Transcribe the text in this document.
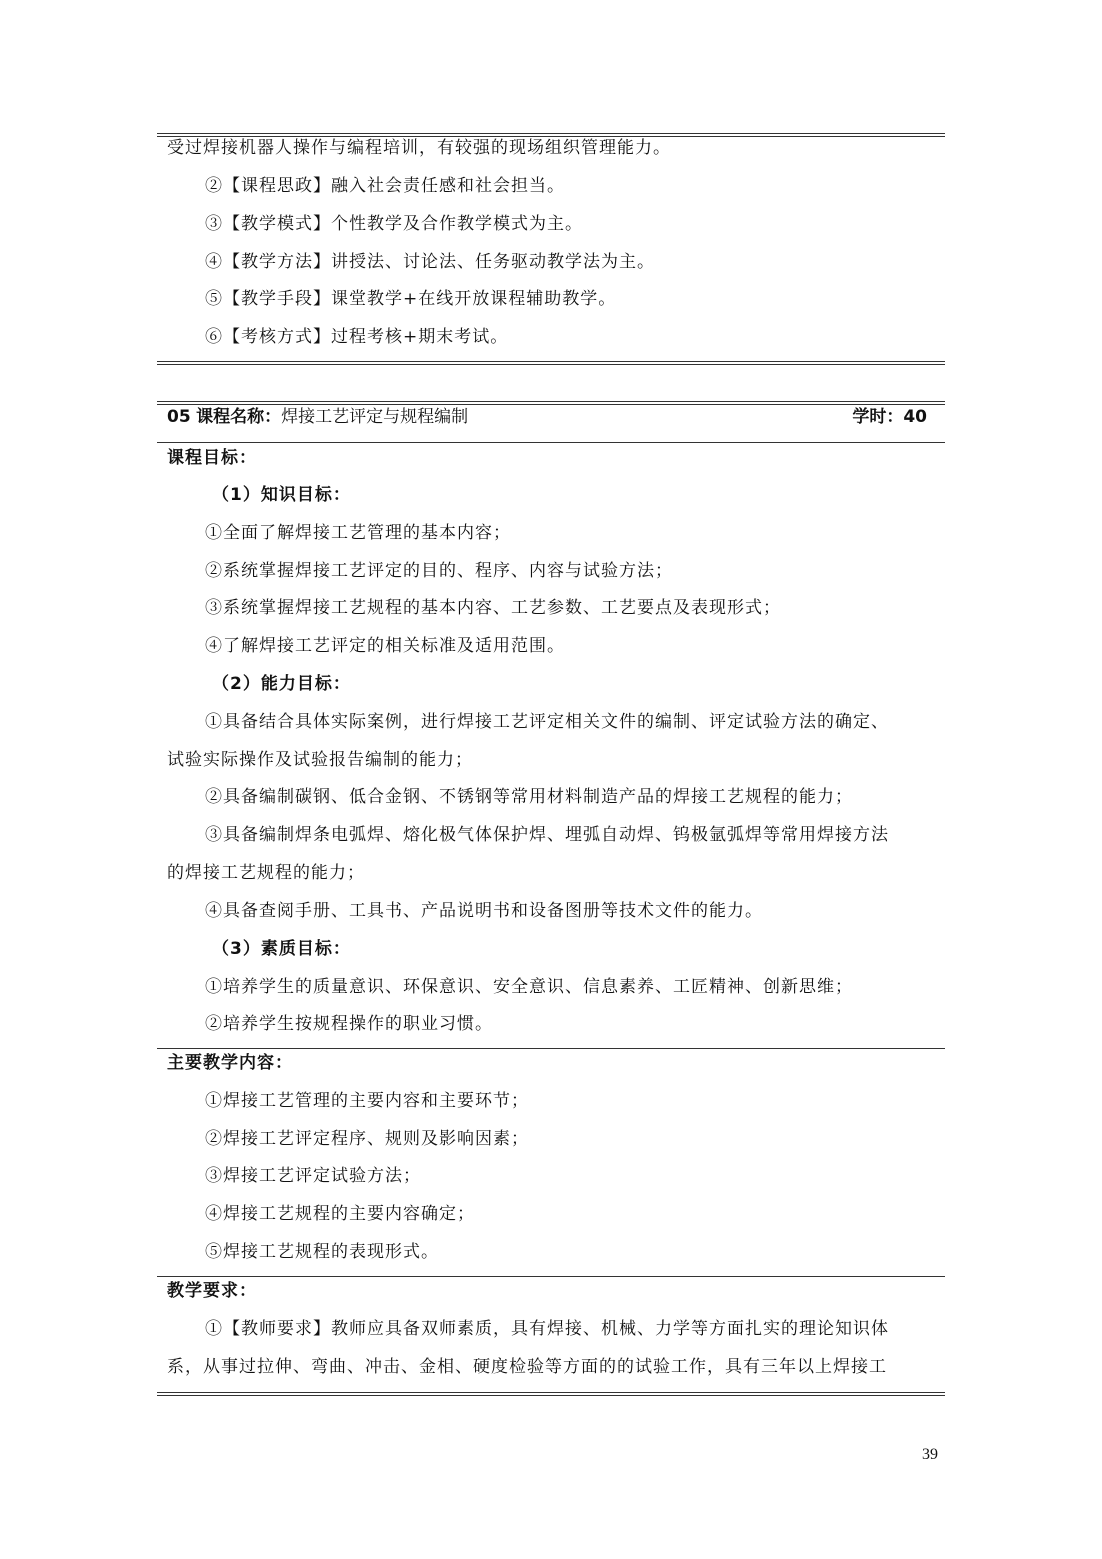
受过焊接机器人操作与编程培训，有较强的现场组织管理能力。
②【课程思政】融入社会责任感和社会担当。
③【教学模式】个性教学及合作教学模式为主。
④【教学方法】讲授法、讨论法、任务驱动教学法为主。
⑤【教学手段】课堂教学+在线开放课程辅助教学。
⑥【考核方式】过程考核+期末考试。
05 课程名称：焊接工艺评定与规程编制	学时：40
课程目标：
（1）知识目标：
①全面了解焊接工艺管理的基本内容；
②系统掌握焊接工艺评定的目的、程序、内容与试验方法；
③系统掌握焊接工艺规程的基本内容、工艺参数、工艺要点及表现形式；
④了解焊接工艺评定的相关标准及适用范围。
（2）能力目标：
①具备结合具体实际案例，进行焊接工艺评定相关文件的编制、评定试验方法的确定、
试验实际操作及试验报告编制的能力；
②具备编制碳钢、低合金钢、不锈钢等常用材料制造产品的焊接工艺规程的能力；
③具备编制焊条电弧焊、熔化极气体保护焊、埋弧自动焊、钨极氩弧焊等常用焊接方法
的焊接工艺规程的能力；
④具备查阅手册、工具书、产品说明书和设备图册等技术文件的能力。
（3）素质目标：
①培养学生的质量意识、环保意识、安全意识、信息素养、工匠精神、创新思维；
②培养学生按规程操作的职业习惯。
主要教学内容：
①焊接工艺管理的主要内容和主要环节；
②焊接工艺评定程序、规则及影响因素；
③焊接工艺评定试验方法；
④焊接工艺规程的主要内容确定；
⑤焊接工艺规程的表现形式。
教学要求：
①【教师要求】教师应具备双师素质，具有焊接、机械、力学等方面扎实的理论知识体
系，从事过拉伸、弯曲、冲击、金相、硬度检验等方面的的试验工作，具有三年以上焊接工
39
